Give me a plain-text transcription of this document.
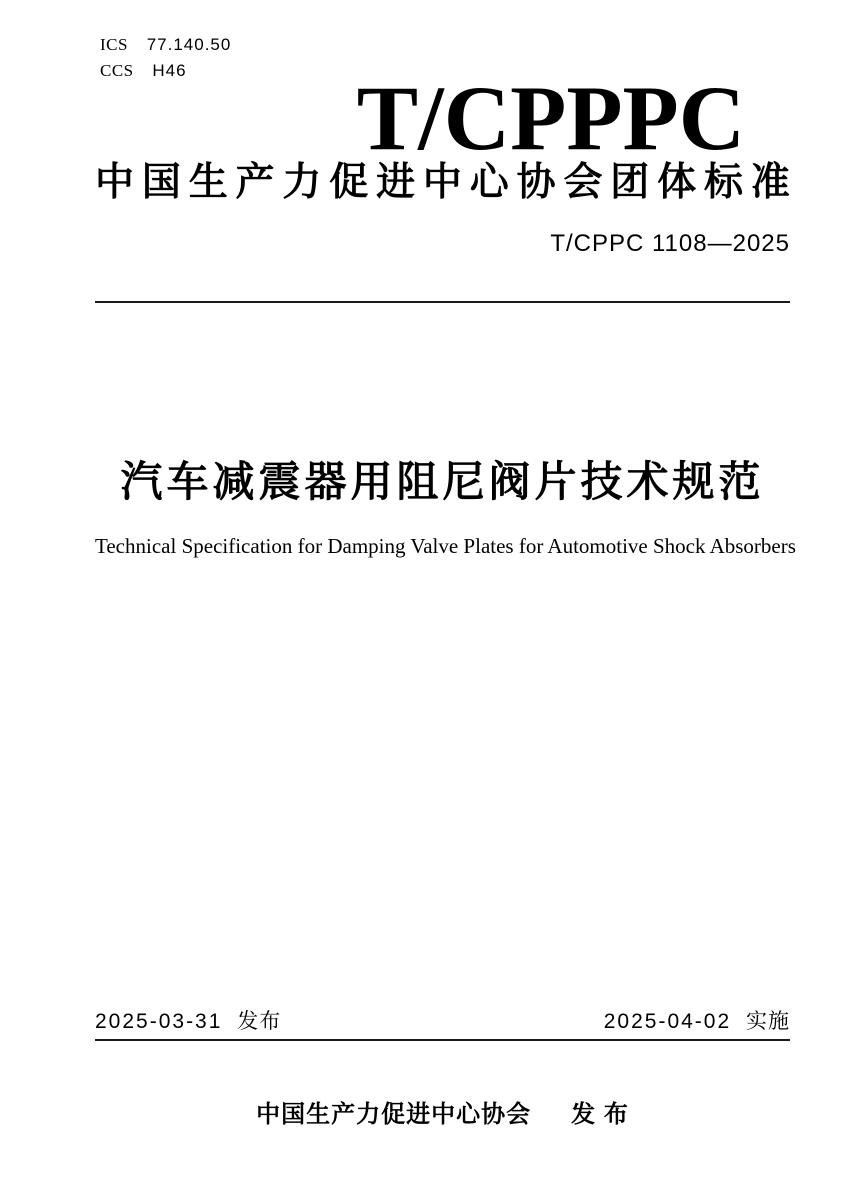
ICS 77.140.50
CCS H46	T/CPPPC
中 国 生 产 力 促 进 中 心 协 会 团 体 标 准
T/CPPC 1108—2025
汽车减震器用阻尼阀片技术规范
Technical Specification for Damping Valve Plates for Automotive Shock Absorbers
2025-03-31 发布	2025-04-02 实施
中国生产力促进中心协会 发 布
